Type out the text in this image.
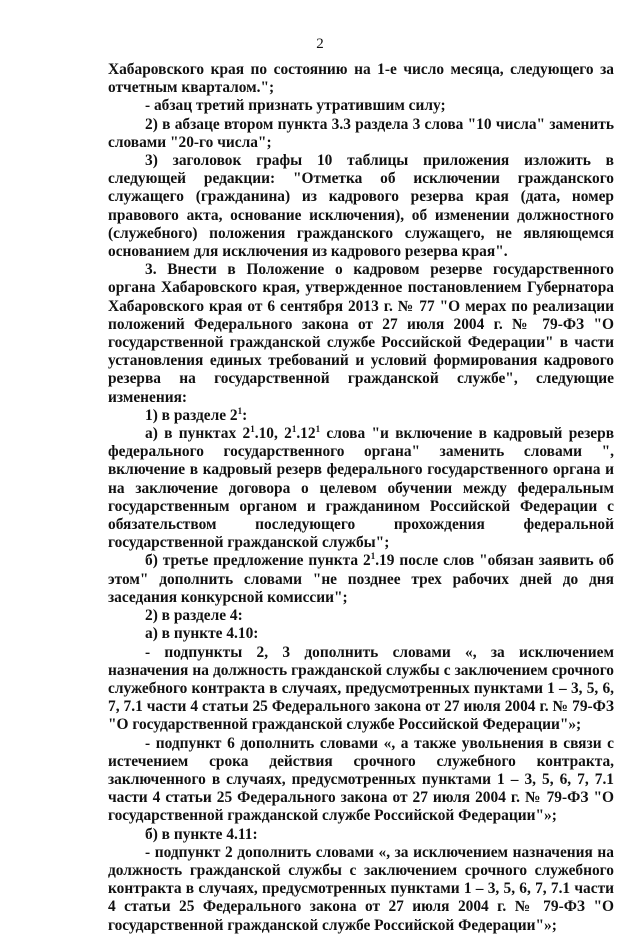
2

Хабаровского края по состоянию на 1-е число месяца, следующего за отчетным кварталом.";

- абзац третий признать утратившим силу;

2) в абзаце втором пункта 3.3 раздела 3 слова "10 числа" заменить словами "20-го числа";

3) заголовок графы 10 таблицы приложения изложить в следующей редакции: "Отметка об исключении гражданского служащего (гражданина) из кадрового резерва края (дата, номер правового акта, основание исключения), об изменении должностного (служебного) положения гражданского служащего, не являющемся основанием для исключения из кадрового резерва края".

3. Внести в Положение о кадровом резерве государственного органа Хабаровского края, утвержденное постановлением Губернатора Хабаровского края от 6 сентября 2013 г. № 77 "О мерах по реализации положений Федерального закона от 27 июля 2004 г. № 79-ФЗ "О государственной гражданской службе Российской Федерации" в части установления единых требований и условий формирования кадрового резерва на государственной гражданской службе", следующие изменения:

1) в разделе $2^1$:

а) в пунктах $2^1.10$, $2^1.12^1$ слова "и включение в кадровый резерв федерального государственного органа" заменить словами ", включение в кадровый резерв федерального государственного органа и на заключение договора о целевом обучении между федеральным государственным органом и гражданином Российской Федерации с обязательством последующего прохождения федеральной государственной гражданской службы";

б) третье предложение пункта $2^1.19$ после слов "обязан заявить об этом" дополнить словами "не позднее трех рабочих дней до дня заседания конкурсной комиссии";

2) в разделе 4:

а) в пункте 4.10:

- подпункты 2, 3 дополнить словами «, за исключением назначения на должность гражданской службы с заключением срочного служебного контракта в случаях, предусмотренных пунктами 1 – 3, 5, 6, 7, 7.1 части 4 статьи 25 Федерального закона от 27 июля 2004 г. № 79-ФЗ "О государственной гражданской службе Российской Федерации"»;

- подпункт 6 дополнить словами «, а также увольнения в связи с истечением срока действия срочного служебного контракта, заключенного в случаях, предусмотренных пунктами 1 – 3, 5, 6, 7, 7.1 части 4 статьи 25 Федерального закона от 27 июля 2004 г. № 79-ФЗ "О государственной гражданской службе Российской Федерации"»;

б) в пункте 4.11:

- подпункт 2 дополнить словами «, за исключением назначения на должность гражданской службы с заключением срочного служебного контракта в случаях, предусмотренных пунктами 1 – 3, 5, 6, 7, 7.1 части 4 статьи 25 Федерального закона от 27 июля 2004 г. № 79-ФЗ "О государственной гражданской службе Российской Федерации"»;
